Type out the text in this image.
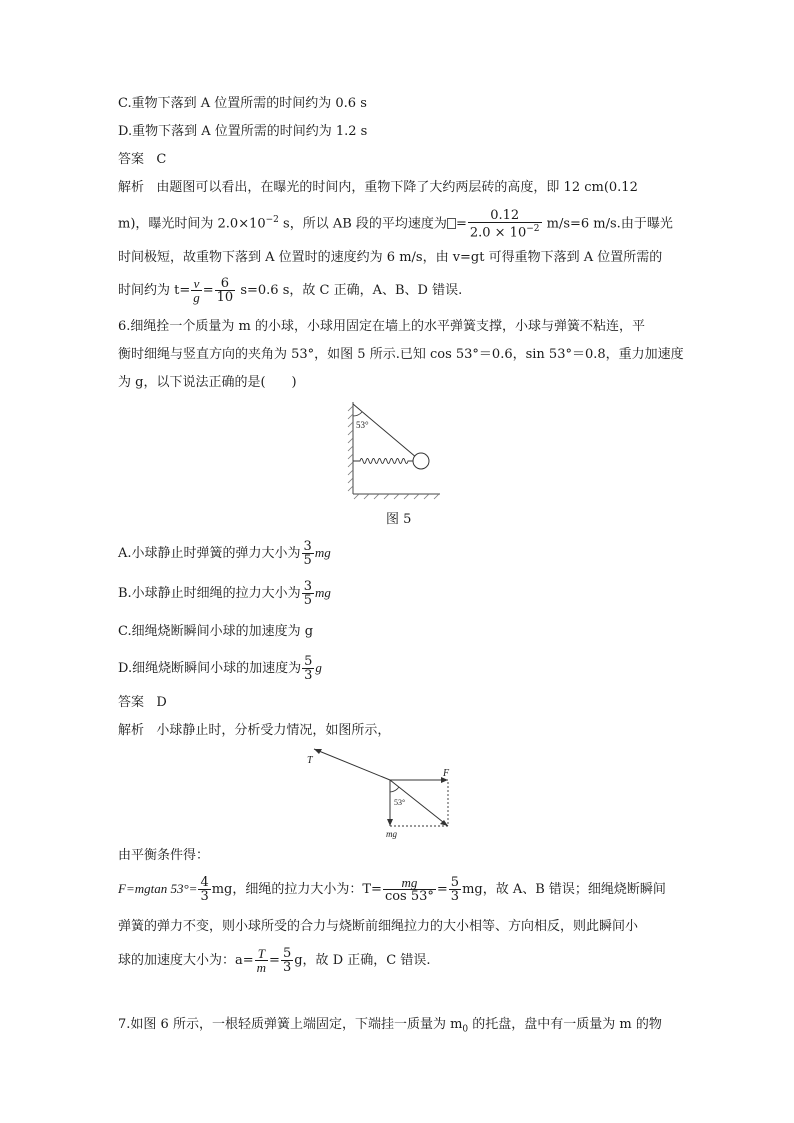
C.重物下落到 A 位置所需的时间约为 0.6 s
D.重物下落到 A 位置所需的时间约为 1.2 s
答案 C
解析 由题图可以看出，在曝光的时间内，重物下降了大约两层砖的高度，即 12 cm(0.12
m)，曝光时间为 $2.0\times 10^{-2}$ s，所以 AB 段的平均速度为 = $\frac{0.12}{2.0 \times 10^{-2}} m/s=6$ m/s.由于曝光
时间极短，故重物下落到 A 位置时的速度约为 6 m/s，由 v=gt 可得重物下落到 A 位置所需的
时间约为 $t= \frac{v}{g} = \frac{6}{10} s=0.6$ s，故 C 正确，A、B、D 错误.
6.细绳拴一个质量为 m 的小球，小球用固定在墙上的水平弹簧支撑，小球与弹簧不粘连，平
衡时细绳与竖直方向的夹角为 53°，如图 5 所示.已知 cos 53°＝0.6，sin 53°＝0.8，重力加速度
为 g，以下说法正确的是(　　)
53°
图 5
A.小球静止时弹簧的弹力大小为 $\frac{3}{5}$ mg
B.小球静止时细绳的拉力大小为 $\frac{3}{5}$ mg
C.细绳烧断瞬间小球的加速度为 g
D.细绳烧断瞬间小球的加速度为 $\frac{5}{3}$ g
答案 D
解析 小球静止时，分析受力情况，如图所示，
53°
T
F
mg
由平衡条件得：
F=mgtan $53^\circ= \frac{4}{3}$ mg，细绳的拉力大小为：$T= \frac{mg}{\cos 53^\circ} = \frac{5}{3}$ mg，故 A、B 错误；细绳烧断瞬间
弹簧的弹力不变，则小球所受的合力与烧断前细绳拉力的大小相等、方向相反，则此瞬间小
球的加速度大小为：$a= \frac{T}{m} = \frac{5}{3}$ g，故 D 正确，C 错误.
7.如图 6 所示，一根轻质弹簧上端固定，下端挂一质量为 $m_0$ 的托盘，盘中有一质量为 m 的物
